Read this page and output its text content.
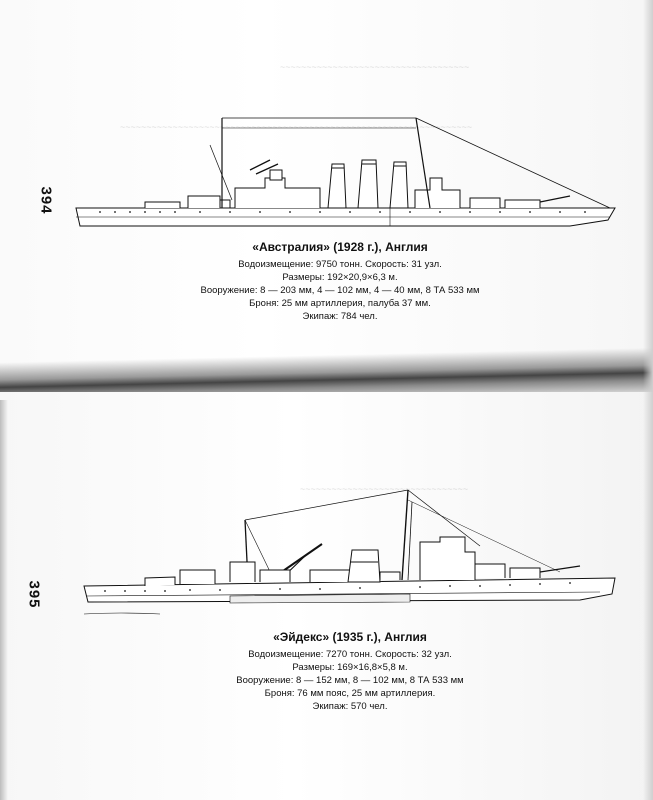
~~~~~~~~~~~~~~~~~~~~~~~~~~~~~~~~~~~~
~~~~~~~~~~~~~~~~~~~~~~~~~~~~~~~~~~~~~~~~~~~~~~~~~~~~~~~~~~~~~~~~~~~
394
«Австралия» (1928 г.), Англия
Водоизмещение: 9750 тонн. Скорость: 31 узл.
Размеры: 192×20,9×6,3 м.
Вооружение: 8 — 203 мм, 4 — 102 мм, 4 — 40 мм, 8 ТА 533 мм
Броня: 25 мм артиллерия, палуба 37 мм.
Экипаж: 784 чел.
~~~~~~~~~~~~~~~~~~~~~~~~~~~~~~~~
395
«Эйдекс» (1935 г.), Англия
Водоизмещение: 7270 тонн. Скорость: 32 узл.
Размеры: 169×16,8×5,8 м.
Вооружение: 8 — 152 мм, 8 — 102 мм, 8 ТА 533 мм
Броня: 76 мм пояс, 25 мм артиллерия.
Экипаж: 570 чел.
